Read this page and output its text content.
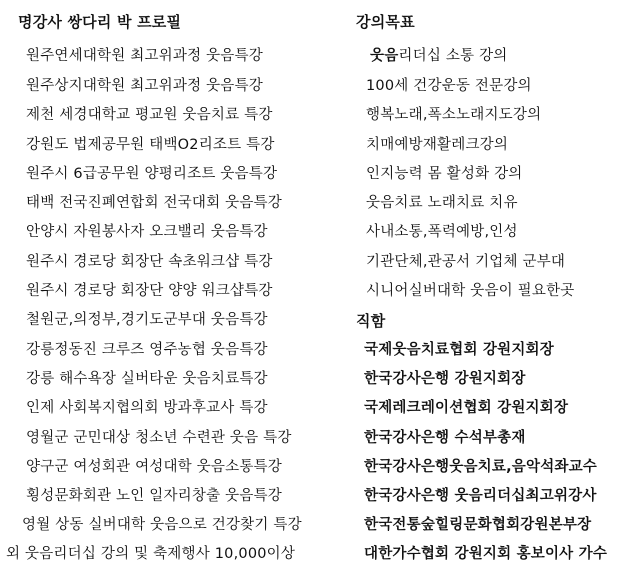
명강사 쌍다리 박 프로필
원주연세대학원 최고위과정 웃음특강
원주상지대학원 최고위과정 웃음특강
제천 세경대학교 평교원 웃음치료 특강
강원도 법제공무원 태백O2리조트 특강
원주시 6급공무원 양평리조트 웃음특강
태백 전국진폐연합회 전국대회 웃음특강
안양시 자원봉사자 오크밸리 웃음특강
원주시 경로당 회장단 속초워크샵 특강
원주시 경로당 회장단 양양 워크샵특강
철원군,의정부,경기도군부대 웃음특강
강릉정동진 크루즈 영주농협 웃음특강
강릉 해수욕장 실버타운 웃음치료특강
인제 사회복지협의회 방과후교사 특강
영월군 군민대상 청소년 수련관 웃음 특강
양구군 여성회관 여성대학 웃음소통특강
횡성문화회관 노인 일자리창출 웃음특강
영월 상동 실버대학 웃음으로 건강찾기 특강
외 웃음리더십 강의 및 축제행사 10,000이상
강의목표
웃음리더십 소통 강의
100세 건강운동 전문강의
행복노래,폭소노래지도강의
치매예방재활레크강의
인지능력 몸 활성화 강의
웃음치료 노래치료 치유
사내소통,폭력예방,인성
기관단체,관공서 기업체 군부대
시니어실버대학 웃음이 필요한곳
직함
국제웃음치료협회 강원지회장
한국강사은행 강원지회장
국제레크레이션협회 강원지회장
한국강사은행 수석부총재
한국강사은행웃음치료,음악석좌교수
한국강사은행 웃음리더십최고위강사
한국전통숲힐링문화협회강원본부장
대한가수협회 강원지회 홍보이사 가수
